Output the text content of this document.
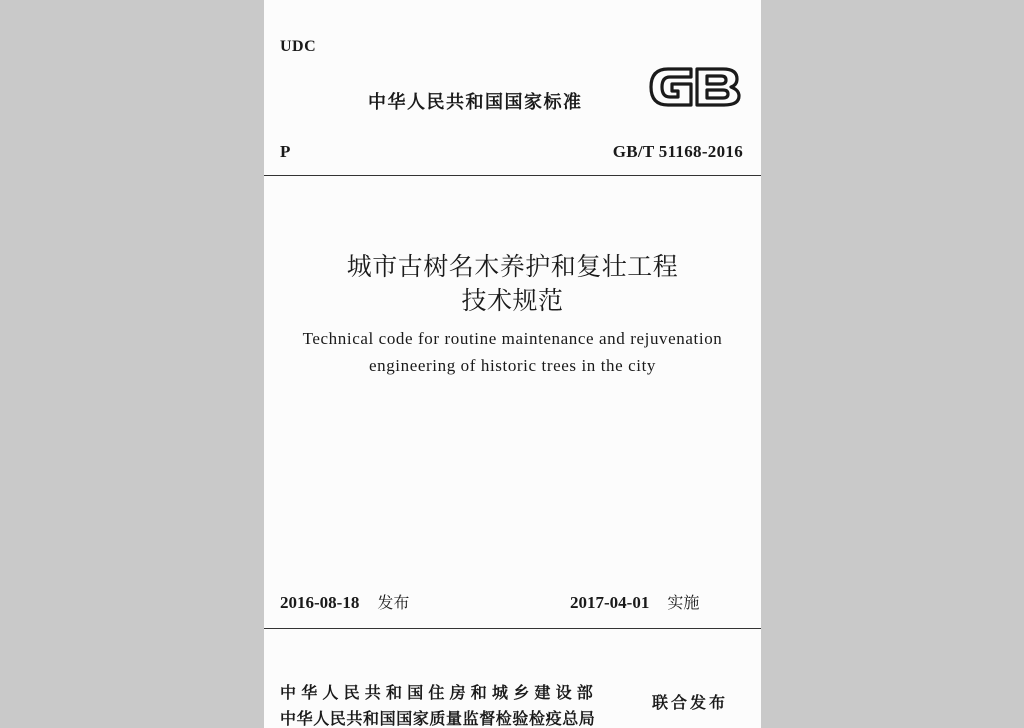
UDC
中华人民共和国国家标准
P	GB/T 51168-2016
城市古树名木养护和复壮工程
技术规范
Technical code for routine maintenance and rejuvenation
engineering of historic trees in the city
2016-08-18 发布	2017-04-01 实施
中华人民共和国住房和城乡建设部
中华人民共和国国家质量监督检验检疫总局
联合发布
